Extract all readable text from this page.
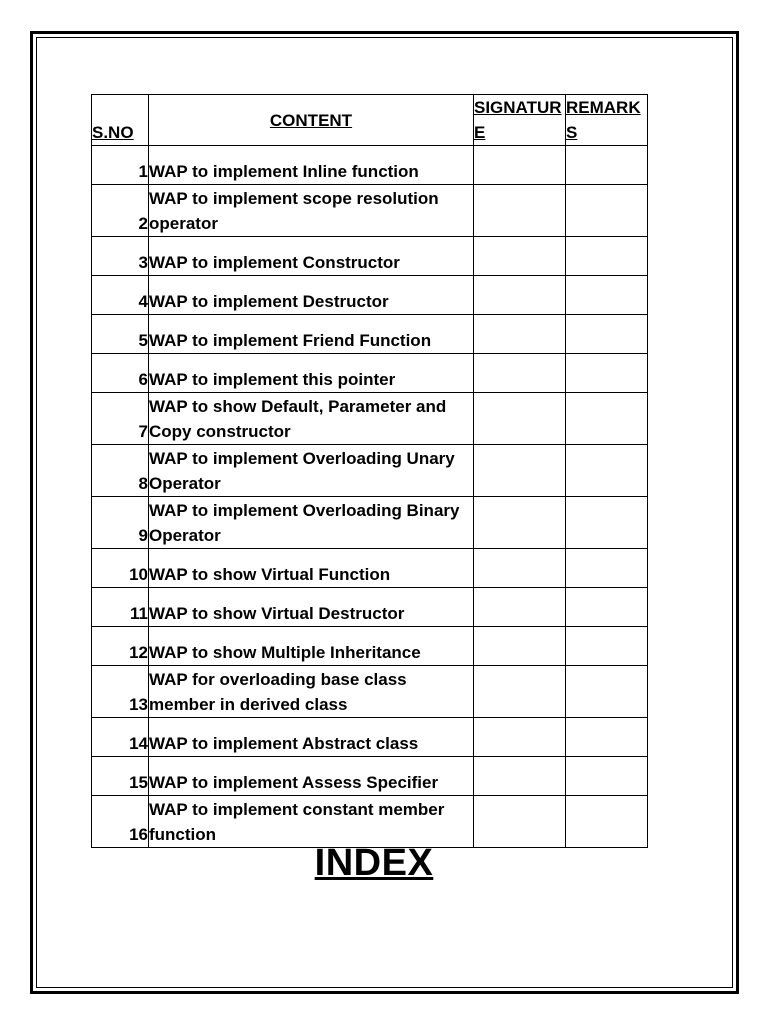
S.NO	CONTENT	SIGNATURE	REMARKS
1	WAP to implement Inline function		
2	WAP to implement scope resolution operator		
3	WAP to implement Constructor		
4	WAP to implement Destructor		
5	WAP to implement Friend Function		
6	WAP to implement this pointer		
7	WAP to show Default, Parameter and Copy constructor		
8	WAP to implement Overloading Unary Operator		
9	WAP to implement Overloading Binary Operator		
10	WAP to show Virtual Function		
11	WAP to show Virtual Destructor		
12	WAP to show Multiple Inheritance		
13	WAP for overloading base class member in derived class		
14	WAP to implement Abstract class		
15	WAP to implement Assess Specifier		
16	WAP to implement constant member function		
INDEX
